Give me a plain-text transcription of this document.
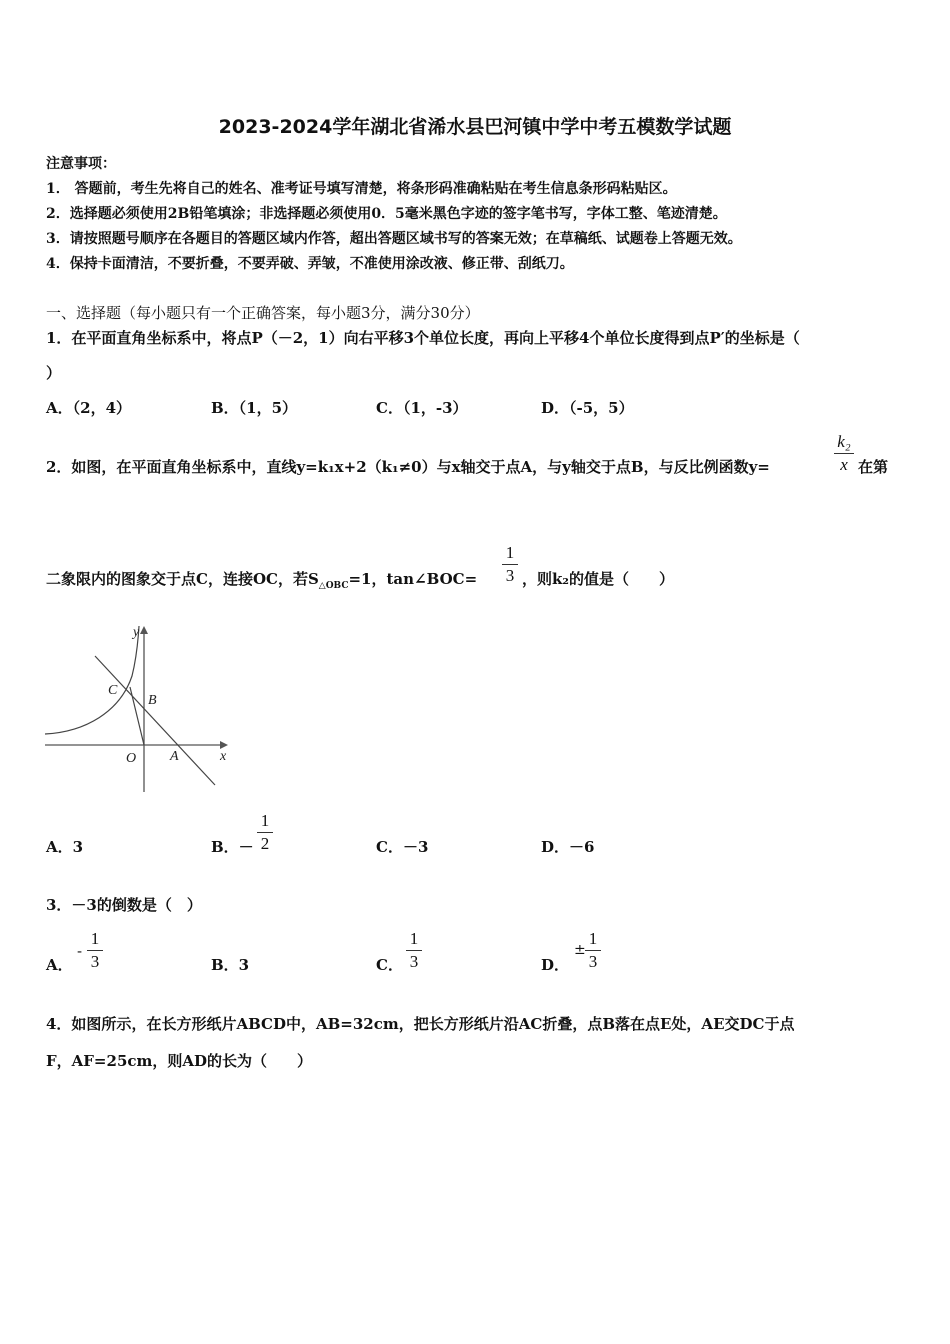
2023-2024学年湖北省浠水县巴河镇中学中考五模数学试题
注意事项：
1． 答题前，考生先将自己的姓名、准考证号填写清楚，将条形码准确粘贴在考生信息条形码粘贴区。
2．选择题必须使用2B铅笔填涂；非选择题必须使用0．5毫米黑色字迹的签字笔书写，字体工整、笔迹清楚。
3．请按照题号顺序在各题目的答题区域内作答，超出答题区域书写的答案无效；在草稿纸、试题卷上答题无效。
4．保持卡面清洁，不要折叠，不要弄破、弄皱，不准使用涂改液、修正带、刮纸刀。
一、选择题（每小题只有一个正确答案，每小题3分，满分30分）
1．在平面直角坐标系中，将点P（－2，1）向右平移3个单位长度，再向上平移4个单位长度得到点P′的坐标是（
）
A．（2，4）	B．（1，5）	C．（1，-3）	D．（-5，5）
2．如图，在平面直角坐标系中，直线y=k₁x+2（k₁≠0）与x轴交于点A，与y轴交于点B，与反比例函数y=
k₂
x 在第
二象限内的图象交于点C，连接OC，若$S_{\triangle OBC}=1$，tan∠BOC=
1
3 ，则k₂的值是（　　）
y
x
C
B
O A
A．3	B．－
1
2	C．－3	D．－6
3．－3的倒数是（　）
A．
-
1
3	B．3	C．
1
3	D．
±
1
3
4．如图所示，在长方形纸片ABCD中，AB=32cm，把长方形纸片沿AC折叠，点B落在点E处，AE交DC于点
F，AF=25cm，则AD的长为（　　）
